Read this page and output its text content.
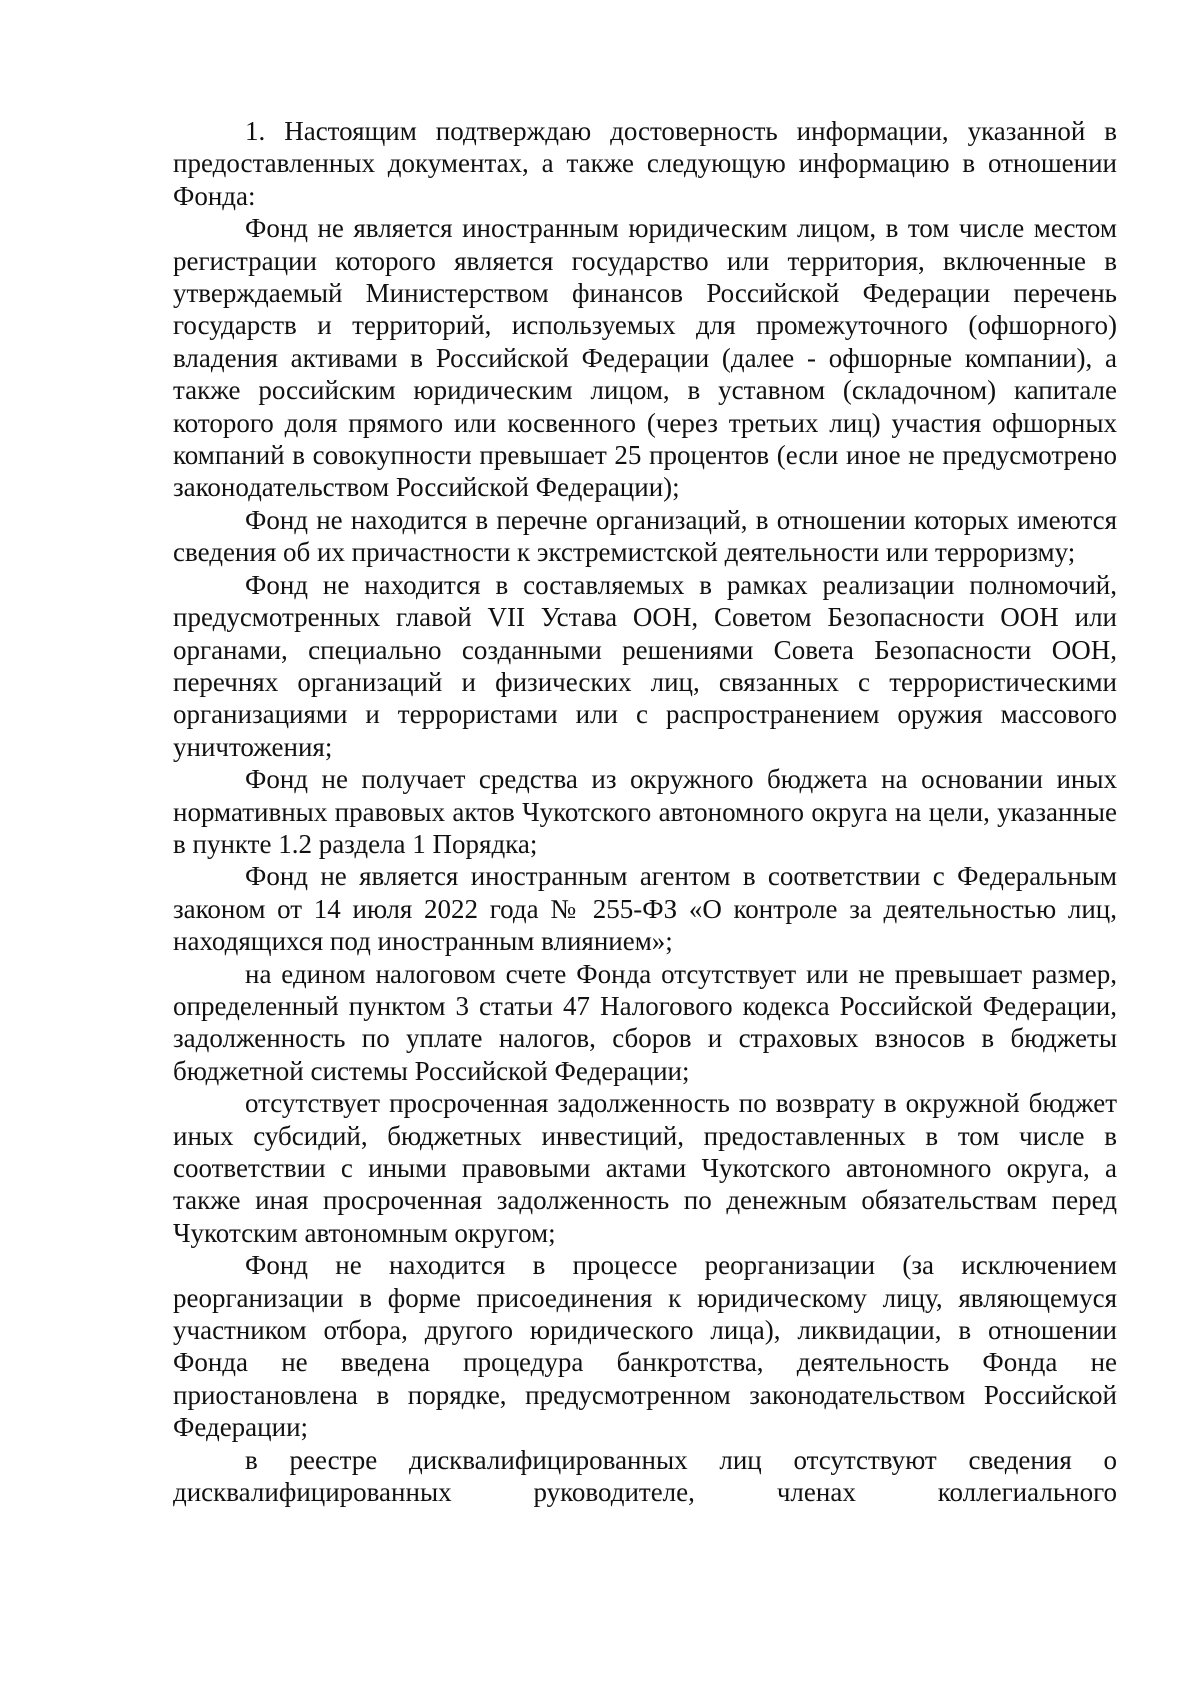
1. Настоящим подтверждаю достоверность информации, указанной в предоставленных документах, а также следующую информацию в отношении Фонда:

Фонд не является иностранным юридическим лицом, в том числе местом регистрации которого является государство или территория, включенные в утверждаемый Министерством финансов Российской Федерации перечень государств и территорий, используемых для промежуточного (офшорного) владения активами в Российской Федерации (далее - офшорные компании), а также российским юридическим лицом, в уставном (складочном) капитале которого доля прямого или косвенного (через третьих лиц) участия офшорных компаний в совокупности превышает 25 процентов (если иное не предусмотрено законодательством Российской Федерации);

Фонд не находится в перечне организаций, в отношении которых имеются сведения об их причастности к экстремистской деятельности или терроризму;

Фонд не находится в составляемых в рамках реализации полномочий, предусмотренных главой VII Устава ООН, Советом Безопасности ООН или органами, специально созданными решениями Совета Безопасности ООН, перечнях организаций и физических лиц, связанных с террористическими организациями и террористами или с распространением оружия массового уничтожения;

Фонд не получает средства из окружного бюджета на основании иных нормативных правовых актов Чукотского автономного округа на цели, указанные в пункте 1.2 раздела 1 Порядка;

Фонд не является иностранным агентом в соответствии с Федеральным законом от 14 июля 2022 года № 255-ФЗ «О контроле за деятельностью лиц, находящихся под иностранным влиянием»;

на едином налоговом счете Фонда отсутствует или не превышает размер, определенный пунктом 3 статьи 47 Налогового кодекса Российской Федерации, задолженность по уплате налогов, сборов и страховых взносов в бюджеты бюджетной системы Российской Федерации;

отсутствует просроченная задолженность по возврату в окружной бюджет иных субсидий, бюджетных инвестиций, предоставленных в том числе в соответствии с иными правовыми актами Чукотского автономного округа, а также иная просроченная задолженность по денежным обязательствам перед Чукотским автономным округом;

Фонд не находится в процессе реорганизации (за исключением реорганизации в форме присоединения к юридическому лицу, являющемуся участником отбора, другого юридического лица), ликвидации, в отношении Фонда не введена процедура банкротства, деятельность Фонда не приостановлена в порядке, предусмотренном законодательством Российской Федерации;

в реестре дисквалифицированных лиц отсутствуют сведения о дисквалифицированных руководителе, членах коллегиального
